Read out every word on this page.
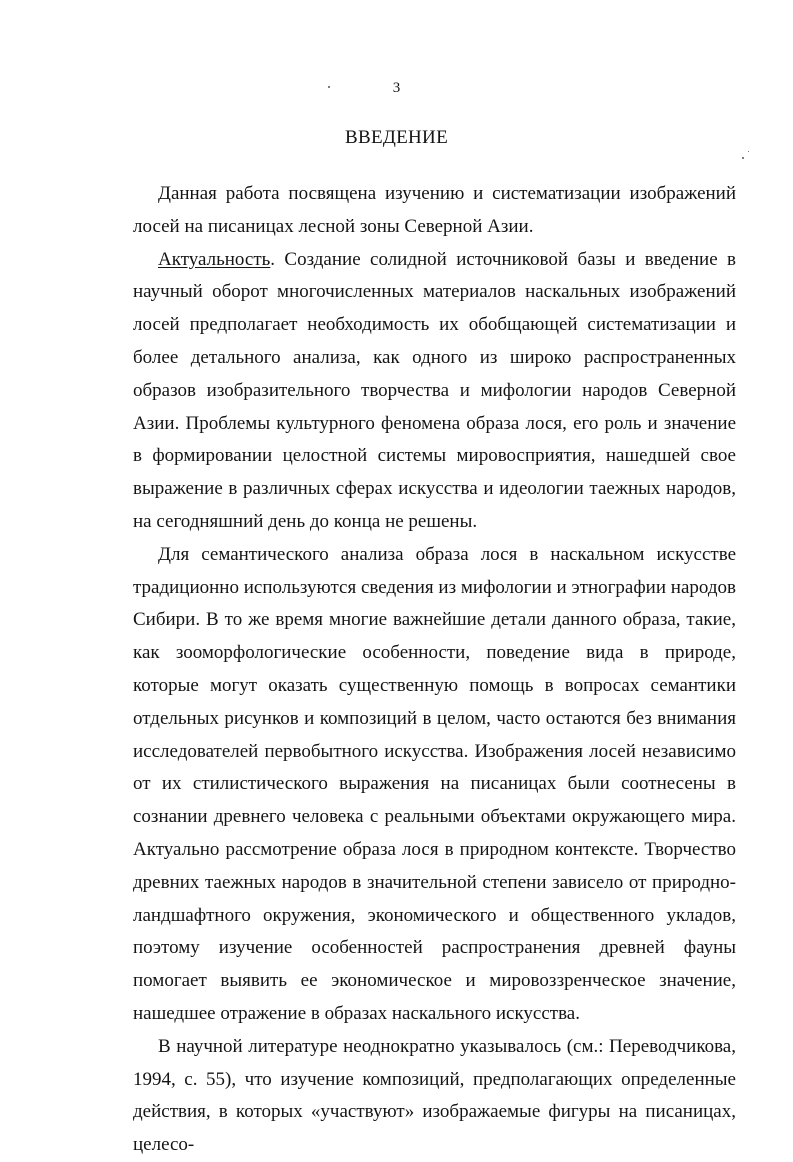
3
ВВЕДЕНИЕ

Данная работа посвящена изучению и систематизации изображений лосей на писаницах лесной зоны Северной Азии.

Актуальность. Создание солидной источниковой базы и введение в научный оборот многочисленных материалов наскальных изображений лосей предполагает необходимость их обобщающей систематизации и более детального анализа, как одного из широко распространенных образов изобразительного творчества и мифологии народов Северной Азии. Проблемы культурного феномена образа лося, его роль и значение в формировании целостной системы мировосприятия, нашедшей свое выражение в различных сферах искусства и идеологии таежных народов, на сегодняшний день до конца не решены.

Для семантического анализа образа лося в наскальном искусстве традиционно используются сведения из мифологии и этнографии народов Сибири. В то же время многие важнейшие детали данного образа, такие, как зооморфологические особенности, поведение вида в природе, которые могут оказать существенную помощь в вопросах семантики отдельных рисунков и композиций в целом, часто остаются без внимания исследователей первобытного искусства. Изображения лосей независимо от их стилистического выражения на писаницах были соотнесены в сознании древнего человека с реальными объектами окружающего мира. Актуально рассмотрение образа лося в природном контексте. Творчество древних таежных народов в значительной степени зависело от природно-ландшафтного окружения, экономического и общественного укладов, поэтому изучение особенностей распространения древней фауны помогает выявить ее экономическое и мировоззренческое значение, нашедшее отражение в образах наскального искусства.

В научной литературе неоднократно указывалось (см.: Переводчикова, 1994, с. 55), что изучение композиций, предполагающих определенные действия, в которых «участвуют» изображаемые фигуры на писаницах, целесо-
